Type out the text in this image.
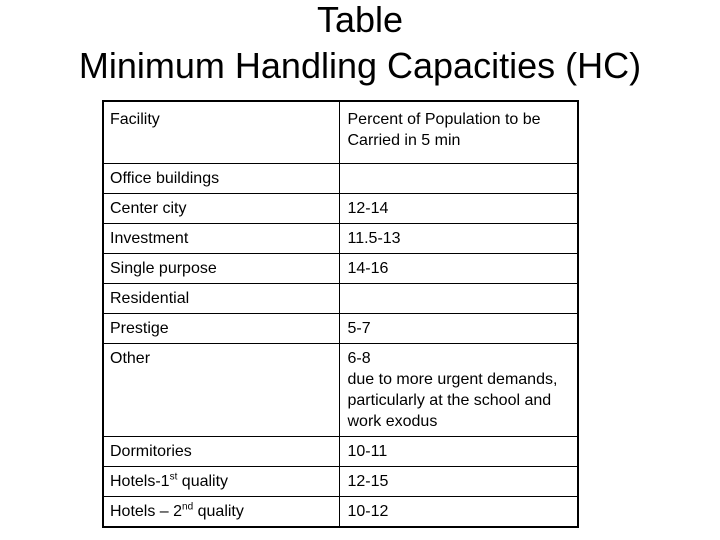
Table
Minimum Handling Capacities (HC)
Facility	Percent of Population to be Carried in 5 min
Office buildings	
Center city	12-14
Investment	11.5-13
Single purpose	14-16
Residential	
Prestige	5-7
Other	6-8
due to more urgent demands, particularly at the school and work exodus

Dormitories	10-11
Hotels-1st quality	12-15
Hotels – 2nd quality	10-12
